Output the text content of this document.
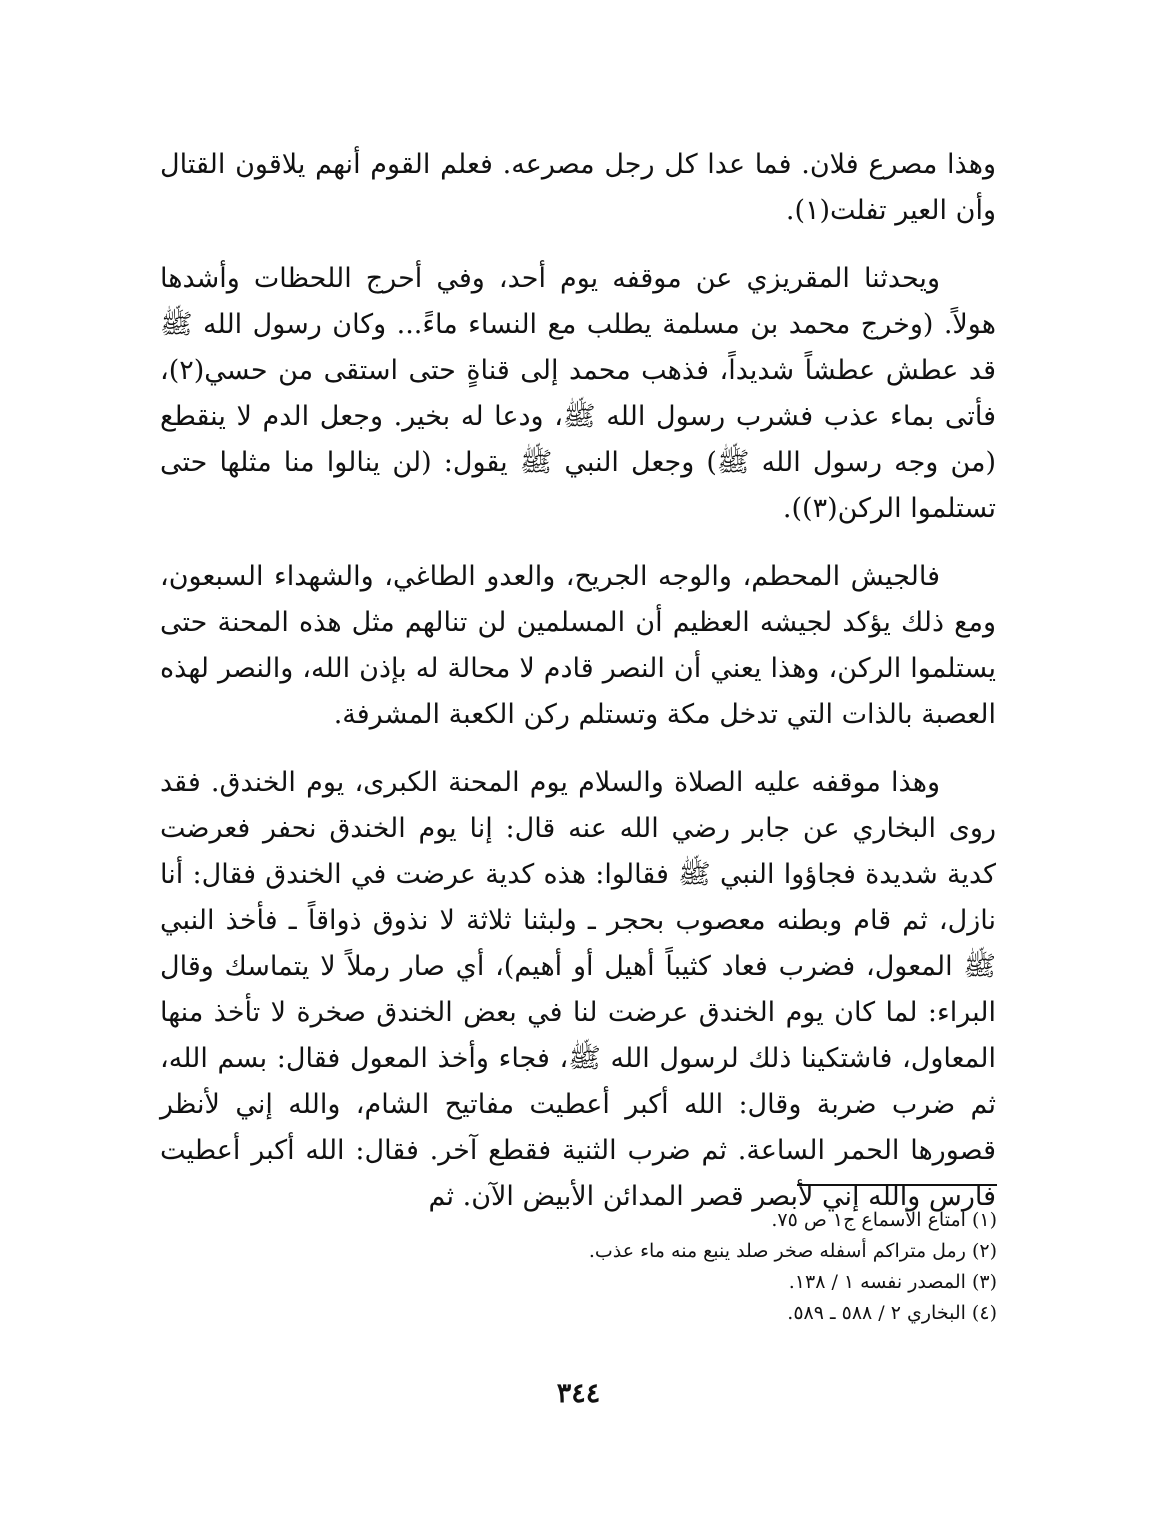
وهذا مصرع فلان. فما عدا كل رجل مصرعه. فعلم القوم أنهم يلاقون القتال وأن العير تفلت(١).

ويحدثنا المقريزي عن موقفه يوم أحد، وفي أحرج اللحظات وأشدها هولاً. (وخرج محمد بن مسلمة يطلب مع النساء ماءً... وكان رسول الله ﷺ قد عطش عطشاً شديداً، فذهب محمد إلى قناةٍ حتى استقى من حسي(٢)، فأتى بماء عذب فشرب رسول الله ﷺ، ودعا له بخير. وجعل الدم لا ينقطع (من وجه رسول الله ﷺ) وجعل النبي ﷺ يقول: (لن ينالوا منا مثلها حتى تستلموا الركن(٣)).

فالجيش المحطم، والوجه الجريح، والعدو الطاغي، والشهداء السبعون، ومع ذلك يؤكد لجيشه العظيم أن المسلمين لن تنالهم مثل هذه المحنة حتى يستلموا الركن، وهذا يعني أن النصر قادم لا محالة له بإذن الله، والنصر لهذه العصبة بالذات التي تدخل مكة وتستلم ركن الكعبة المشرفة.

وهذا موقفه عليه الصلاة والسلام يوم المحنة الكبرى، يوم الخندق. فقد روى البخاري عن جابر رضي الله عنه قال: إنا يوم الخندق نحفر فعرضت كدية شديدة فجاؤوا النبي ﷺ فقالوا: هذه كدية عرضت في الخندق فقال: أنا نازل، ثم قام وبطنه معصوب بحجر ـ ولبثنا ثلاثة لا نذوق ذواقاً ـ فأخذ النبي ﷺ المعول، فضرب فعاد كثيباً أهيل أو أهيم)، أي صار رملاً لا يتماسك وقال البراء: لما كان يوم الخندق عرضت لنا في بعض الخندق صخرة لا تأخذ منها المعاول، فاشتكينا ذلك لرسول الله ﷺ، فجاء وأخذ المعول فقال: بسم الله، ثم ضرب ضربة وقال: الله أكبر أعطيت مفاتيح الشام، والله إني لأنظر قصورها الحمر الساعة. ثم ضرب الثنية فقطع آخر. فقال: الله أكبر أعطيت فارس والله إني لأبصر قصر المدائن الأبيض الآن. ثم

(١) امتاع الأسماع ج١ ص ٧٥.

(٢) رمل متراكم أسفله صخر صلد ينبع منه ماء عذب.

(٣) المصدر نفسه ١ / ١٣٨.

(٤) البخاري ٢ / ٥٨٨ ـ ٥٨٩.

٣٤٤
